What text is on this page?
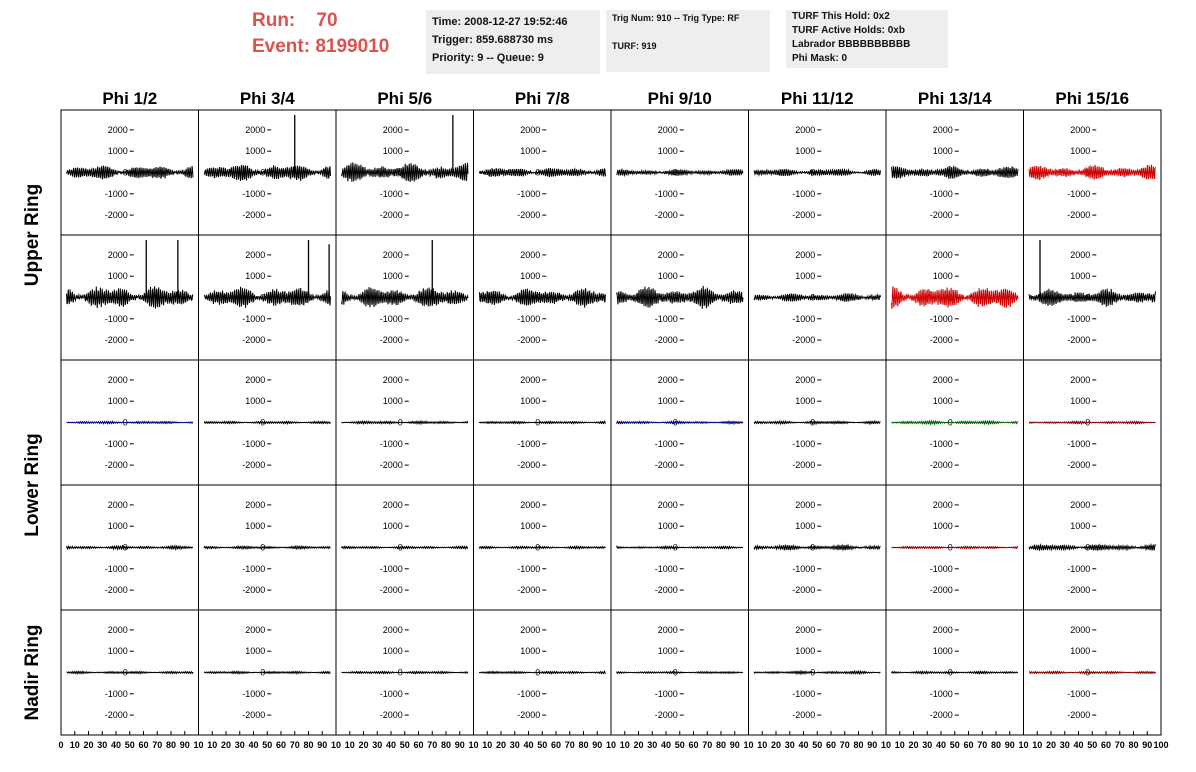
Run: 70
Event: 8199010
Time: 2008-12-27 19:52:46
Trigger: 859.688730 ms
Priority: 9 -- Queue: 9
Trig Num: 910 -- Trig Type: RF
TURF: 919
TURF This Hold: 0x2
TURF Active Holds: 0xb
Labrador BBBBBBBBBB
Phi Mask: 0
Phi 1/2	Phi 3/4	Phi 5/6	Phi 7/8	Phi 9/10	Phi 11/12	Phi 13/14	Phi 15/16
Upper Ring
Lower Ring
Nadir Ring
2000
1000
0
-1000
-2000
2000
1000
0
-1000
-2000
2000
1000
0
-1000
-2000
2000
1000
0
-1000
-2000
2000
1000
0
-1000
-2000
2000
1000
0
-1000
-2000
2000
1000
0
-1000
-2000
2000
1000
0
-1000
-2000
2000
1000
0
-1000
-2000
2000
1000
0
-1000
-2000
2000
1000
0
-1000
-2000
2000
1000
0
-1000
-2000
2000
1000
0
-1000
-2000
2000
1000
0
-1000
-2000
2000
1000
0
-1000
-2000
2000
1000
0
-1000
-2000
2000
1000
0
-1000
-2000
2000
1000
0
-1000
-2000
2000
1000
0
-1000
-2000
2000
1000
0
-1000
-2000
2000
1000
0
-1000
-2000
2000
1000
0
-1000
-2000
2000
1000
0
-1000
-2000
2000
1000
0
-1000
-2000
2000
1000
0
-1000
-2000
2000
1000
0
-1000
-2000
2000
1000
0
-1000
-2000
2000
1000
0
-1000
-2000
2000
1000
0
-1000
-2000
2000
1000
0
-1000
-2000
2000
1000
0
-1000
-2000
2000
1000
0
-1000
-2000
2000
1000
0
-1000
-2000
2000
1000
0
-1000
-2000
2000
1000
0
-1000
-2000
2000
1000
0
-1000
-2000
2000
1000
0
-1000
-2000
2000
1000
0
-1000
-2000
2000
1000
0
-1000
-2000
2000
1000
0
-1000
-2000
0 10 20 30 40 50 60 70 80 90 10 10 20 30 40 50 60 70 80 90 10 10 20 30 40 50 60 70 80 90 10 10 20 30 40 50 60 70 80 90 10 10 20 30 40 50 60 70 80 90 10 10 20 30 40 50 60 70 80 90 10 10 20 30 40 50 60 70 80 90 10 10 20 30 40 50 60 70 80 90 100
